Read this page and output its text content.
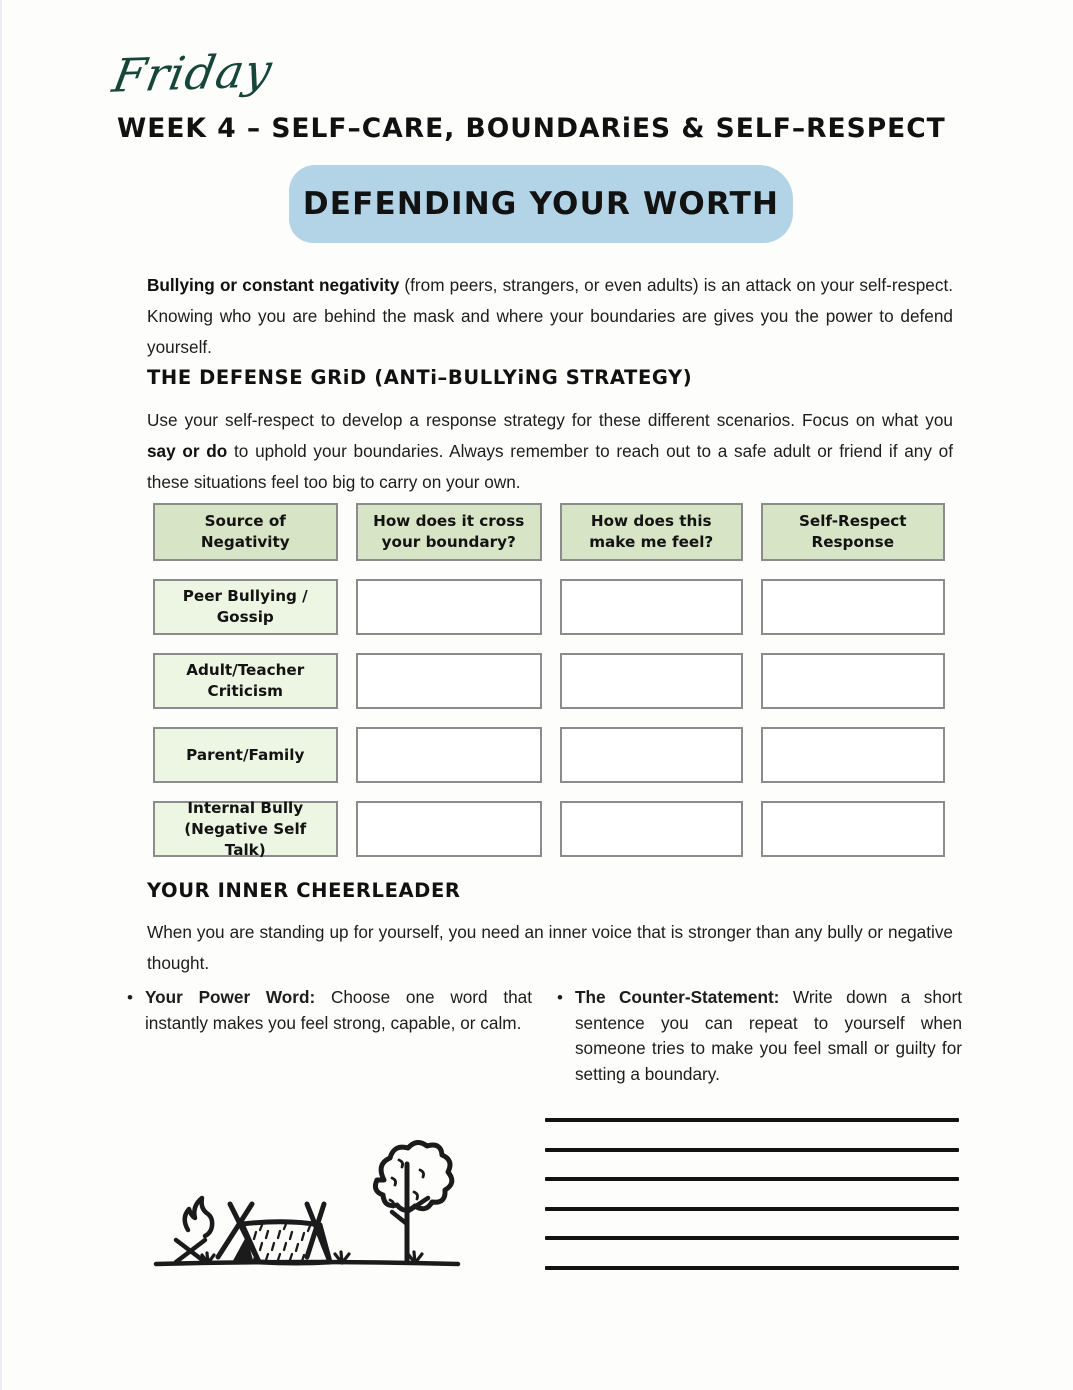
Friday
WEEK 4 – SELF–CARE, BOUNDARiES & SELF–RESPECT
DEFENDING YOUR WORTH
Bullying or constant negativity (from peers, strangers, or even adults) is an attack on your self-respect. Knowing who you are behind the mask and where your boundaries are gives you the power to defend yourself.
THE DEFENSE GRiD (ANTi–BULLYiNG STRATEGY)
Use your self-respect to develop a response strategy for these different scenarios. Focus on what you say or do to uphold your boundaries. Always remember to reach out to a safe adult or friend if any of these situations feel too big to carry on your own.
Source of Negativity
How does it cross your boundary?
How does this make me feel?
Self-Respect Response
Peer Bullying / Gossip
Adult/Teacher Criticism
Parent/Family
Internal Bully (Negative Self Talk)
YOUR INNER CHEERLEADER
When you are standing up for yourself, you need an inner voice that is stronger than any bully or negative thought.
• Your Power Word: Choose one word that instantly makes you feel strong, capable, or calm.
• The Counter-Statement: Write down a short sentence you can repeat to yourself when someone tries to make you feel small or guilty for setting a boundary.
